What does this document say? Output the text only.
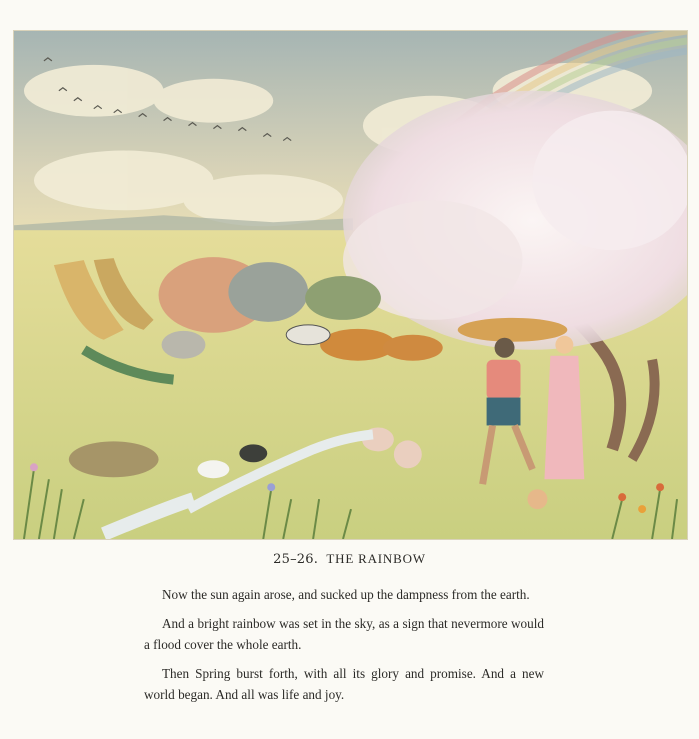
25–26. THE RAINBOW

Now the sun again arose, and sucked up the dampness from the earth.

And a bright rainbow was set in the sky, as a sign that nevermore would a flood cover the whole earth.

Then Spring burst forth, with all its glory and promise. And a new world began. And all was life and joy.
